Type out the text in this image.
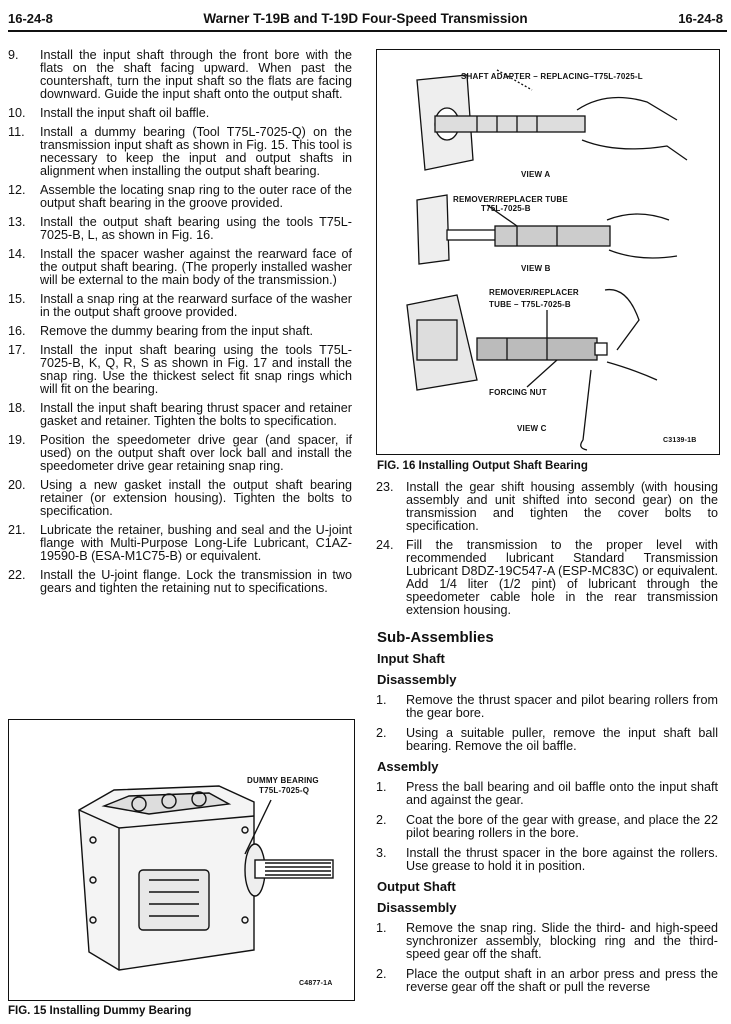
16-24-8	Warner T-19B and T-19D Four-Speed Transmission	16-24-8
9. Install the input shaft through the front bore with the flats on the shaft facing upward. When past the countershaft, turn the input shaft so the flats are facing downward. Guide the input shaft onto the output shaft.
10. Install the input shaft oil baffle.
11. Install a dummy bearing (Tool T75L-7025-Q) on the transmission input shaft as shown in Fig. 15. This tool is necessary to keep the input and output shafts in alignment when installing the output shaft bearing.
12. Assemble the locating snap ring to the outer race of the output shaft bearing in the groove provided.
13. Install the output shaft bearing using the tools T75L-7025-B, L, as shown in Fig. 16.
14. Install the spacer washer against the rearward face of the output shaft bearing. (The properly installed washer will be external to the main body of the transmission.)
15. Install a snap ring at the rearward surface of the washer in the output shaft groove provided.
16. Remove the dummy bearing from the input shaft.
17. Install the input shaft bearing using the tools T75L-7025-B, K, Q, R, S as shown in Fig. 17 and install the snap ring. Use the thickest select fit snap rings which will fit on the bearing.
18. Install the input shaft bearing thrust spacer and retainer gasket and retainer. Tighten the bolts to specification.
19. Position the speedometer drive gear (and spacer, if used) on the output shaft over lock ball and install the speedometer drive gear retaining snap ring.
20. Using a new gasket install the output shaft bearing retainer (or extension housing). Tighten the bolts to specification.
21. Lubricate the retainer, bushing and seal and the U-joint flange with Multi-Purpose Long-Life Lubricant, C1AZ-19590-B (ESA-M1C75-B) or equivalent.
22. Install the U-joint flange. Lock the transmission in two gears and tighten the retaining nut to specifications.
DUMMY BEARING
T75L-7025-Q
C4877-1A
FIG. 15 Installing Dummy Bearing
SHAFT ADAPTER – REPLACING–T75L-7025-L
VIEW A
REMOVER/REPLACER TUBE
T75L-7025-B
VIEW B
REMOVER/REPLACER
TUBE – T75L-7025-B
FORCING NUT
VIEW C
C3139-1B
FIG. 16 Installing Output Shaft Bearing
23. Install the gear shift housing assembly (with housing assembly and unit shifted into second gear) on the transmission and tighten the cover bolts to specification.
24. Fill the transmission to the proper level with recommended lubricant Standard Transmission Lubricant D8DZ-19C547-A (ESP-MC83C) or equivalent. Add 1/4 liter (1/2 pint) of lubricant through the speedometer cable hole in the rear transmission extension housing.
Sub-Assemblies
Input Shaft
Disassembly
1. Remove the thrust spacer and pilot bearing rollers from the gear bore.
2. Using a suitable puller, remove the input shaft ball bearing. Remove the oil baffle.
Assembly
1. Press the ball bearing and oil baffle onto the input shaft and against the gear.
2. Coat the bore of the gear with grease, and place the 22 pilot bearing rollers in the bore.
3. Install the thrust spacer in the bore against the rollers. Use grease to hold it in position.
Output Shaft
Disassembly
1. Remove the snap ring. Slide the third- and high-speed synchronizer assembly, blocking ring and the third-speed gear off the shaft.
2. Place the output shaft in an arbor press and press the reverse gear off the shaft or pull the reverse
